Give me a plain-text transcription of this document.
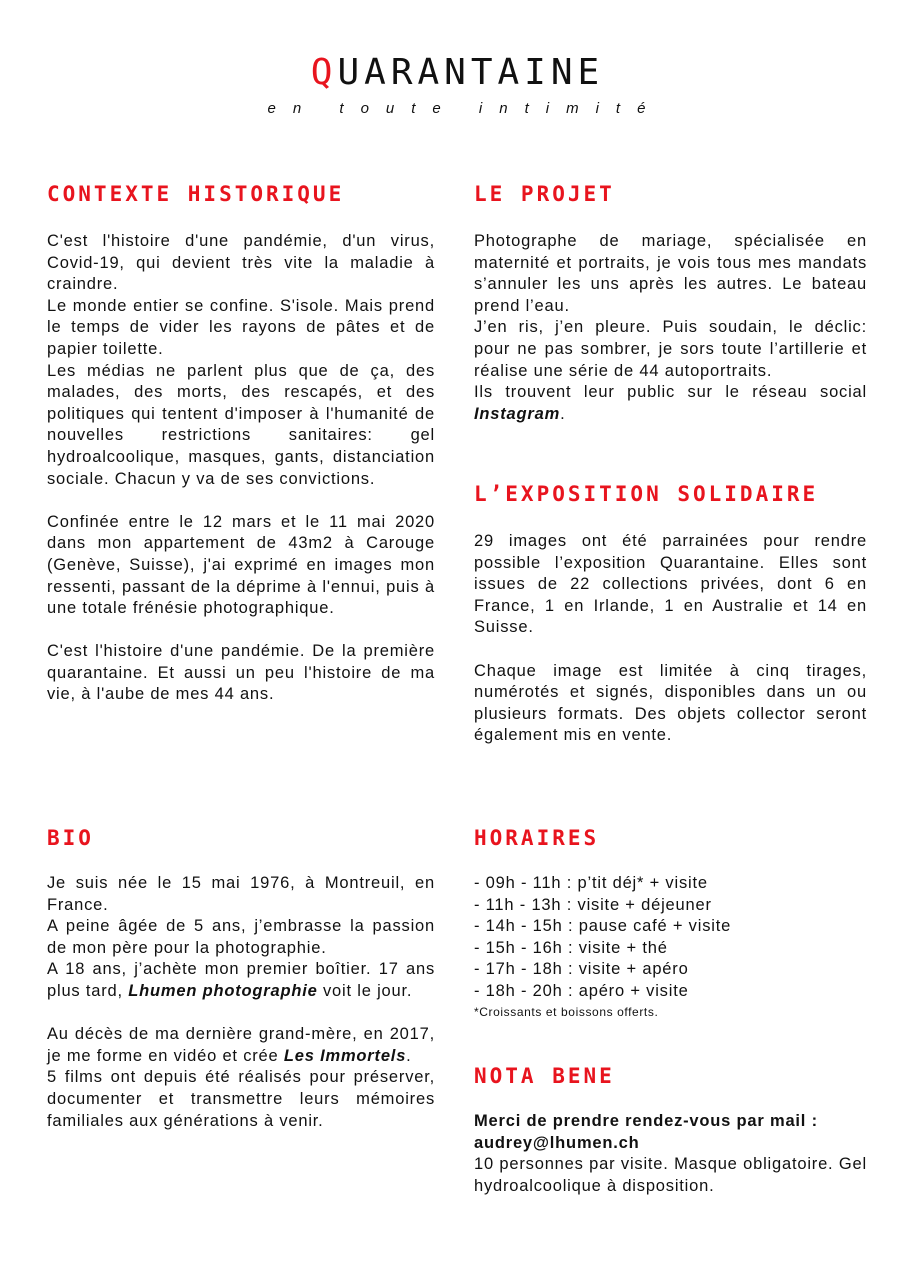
QUARANTAINE
en toute intimité
CONTEXTE HISTORIQUE

C'est l'histoire d'une pandémie, d'un virus, Covid-19, qui devient très vite la maladie à craindre.

Le monde entier se confine. S'isole. Mais prend le temps de vider les rayons de pâtes et de papier toilette.

Les médias ne parlent plus que de ça, des malades, des morts, des rescapés, et des politiques qui tentent d'imposer à l'humanité de nouvelles restrictions sanitaires: gel hydroalcoolique, masques, gants, distanciation sociale. Chacun y va de ses convictions.

Confinée entre le 12 mars et le 11 mai 2020 dans mon appartement de 43m2 à Carouge (Genève, Suisse), j'ai exprimé en images mon ressenti, passant de la déprime à l'ennui, puis à une totale frénésie photographique.

C'est l'histoire d'une pandémie. De la première quarantaine. Et aussi un peu l'histoire de ma vie, à l'aube de mes 44 ans.

BIO

Je suis née le 15 mai 1976, à Montreuil, en France.

A peine âgée de 5 ans, j’embrasse la passion de mon père pour la photographie.

A 18 ans, j’achète mon premier boîtier. 17 ans plus tard, Lhumen photographie voit le jour.

Au décès de ma dernière grand-mère, en 2017, je me forme en vidéo et crée Les Immortels.

5 films ont depuis été réalisés pour préserver, documenter et transmettre leurs mémoires familiales aux générations à venir.

LE PROJET

Photographe de mariage, spécialisée en maternité et portraits, je vois tous mes mandats s’annuler les uns après les autres. Le bateau prend l’eau.

J’en ris, j’en pleure. Puis soudain, le déclic: pour ne pas sombrer, je sors toute l’artillerie et réalise une série de 44 autoportraits.

Ils trouvent leur public sur le réseau social Instagram.

L’EXPOSITION SOLIDAIRE

29 images ont été parrainées pour rendre possible l’exposition Quarantaine. Elles sont issues de 22 collections privées, dont 6 en France, 1 en Irlande, 1 en Australie et 14 en Suisse.

Chaque image est limitée à cinq tirages, numérotés et signés, disponibles dans un ou plusieurs formats. Des objets collector seront également mis en vente.

HORAIRES

- 09h - 11h : p’tit déj* + visite

- 11h - 13h : visite + déjeuner

- 14h - 15h : pause café + visite

- 15h - 16h : visite + thé

- 17h - 18h : visite + apéro

- 18h - 20h : apéro + visite

*Croissants et boissons offerts.

NOTA BENE

Merci de prendre rendez-vous par mail : audrey@lhumen.ch

10 personnes par visite. Masque obligatoire. Gel hydroalcoolique à disposition.
